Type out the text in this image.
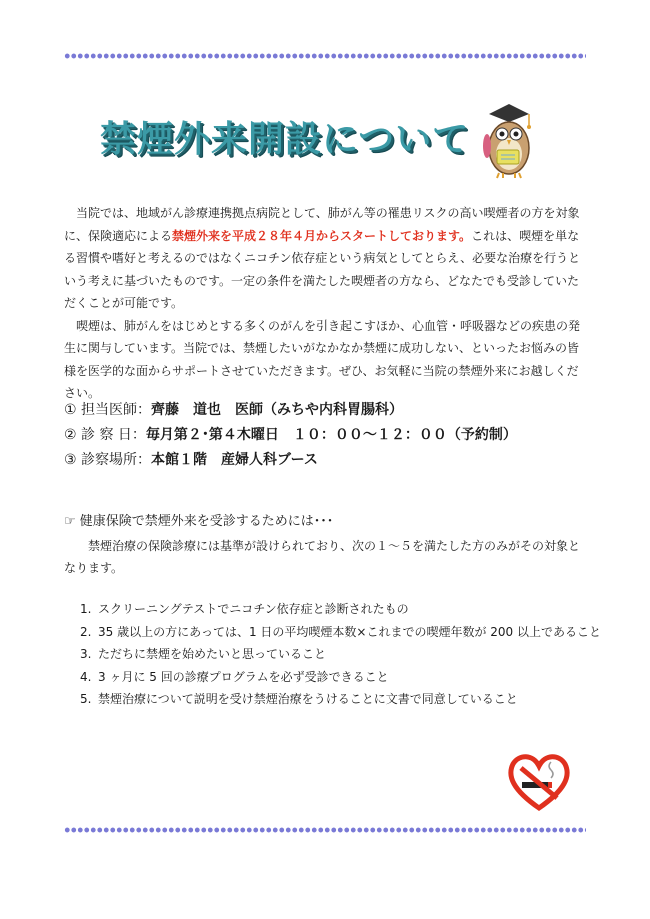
禁煙外来開設について

　当院では、地域がん診療連携拠点病院として、肺がん等の罹患リスクの高い喫煙者の方を対象に、保険適応による禁煙外来を平成２８年４月からスタートしております。これは、喫煙を単なる習慣や嗜好と考えるのではなくニコチン依存症という病気としてとらえ、必要な治療を行うという考えに基づいたものです。一定の条件を満たした喫煙者の方なら、どなたでも受診していただくことが可能です。

　喫煙は、肺がんをはじめとする多くのがんを引き起こすほか、心血管・呼吸器などの疾患の発生に関与しています。当院では、禁煙したいがなかなか禁煙に成功しない、といったお悩みの皆様を医学的な面からサポートさせていただきます。ぜひ、お気軽に当院の禁煙外来にお越しください。

① 担当医師：齊藤　道也　医師（みちや内科胃腸科）
② 診 察 日：毎月第２･第４木曜日　１０：００～１２：００（予約制）
③ 診察場所：本館１階　産婦人科ブース
☞ 健康保険で禁煙外来を受診するためには･･･
　　禁煙治療の保険診療には基準が設けられており、次の１～５を満たした方のみがその対象となります。
1. スクリーニングテストでニコチン依存症と診断されたもの
2. 35 歳以上の方にあっては、1 日の平均喫煙本数×これまでの喫煙年数が 200 以上であること
3. ただちに禁煙を始めたいと思っていること
4. 3 ヶ月に 5 回の診療プログラムを必ず受診できること
5. 禁煙治療について説明を受け禁煙治療をうけることに文書で同意していること
